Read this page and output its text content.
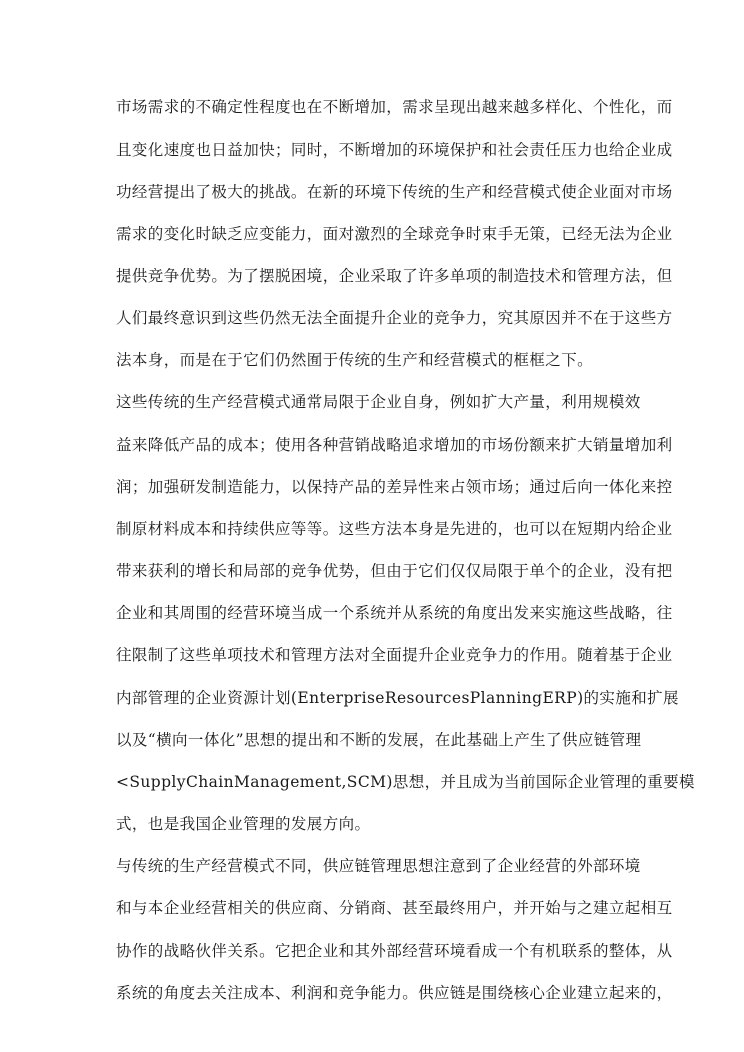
市场需求的不确定性程度也在不断增加，需求呈现出越来越多样化、个性化，而
且变化速度也日益加快；同时，不断增加的环境保护和社会责任压力也给企业成
功经营提出了极大的挑战。在新的环境下传统的生产和经营模式使企业面对市场
需求的变化时缺乏应变能力，面对激烈的全球竞争时束手无策，已经无法为企业
提供竞争优势。为了摆脱困境，企业采取了许多单项的制造技术和管理方法，但
人们最终意识到这些仍然无法全面提升企业的竞争力，究其原因并不在于这些方
法本身，而是在于它们仍然囿于传统的生产和经营模式的框框之下。
这些传统的生产经营模式通常局限于企业自身，例如扩大产量，利用规模效
益来降低产品的成本；使用各种营销战略追求增加的市场份额来扩大销量增加利
润；加强研发制造能力，以保持产品的差异性来占领市场；通过后向一体化来控
制原材料成本和持续供应等等。这些方法本身是先进的，也可以在短期内给企业
带来获利的增长和局部的竞争优势，但由于它们仅仅局限于单个的企业，没有把
企业和其周围的经营环境当成一个系统并从系统的角度出发来实施这些战略，往
往限制了这些单项技术和管理方法对全面提升企业竞争力的作用。随着基于企业
内部管理的企业资源计划(EnterpriseResourcesPlanningERP)的实施和扩展
以及“横向一体化”思想的提出和不断的发展，在此基础上产生了供应链管理
<SupplyChainManagement,SCM)思想，并且成为当前国际企业管理的重要模
式，也是我国企业管理的发展方向。
与传统的生产经营模式不同，供应链管理思想注意到了企业经营的外部环境
和与本企业经营相关的供应商、分销商、甚至最终用户，并开始与之建立起相互
协作的战略伙伴关系。它把企业和其外部经营环境看成一个有机联系的整体，从
系统的角度去关注成本、利润和竞争能力。供应链是围绕核心企业建立起来的，
